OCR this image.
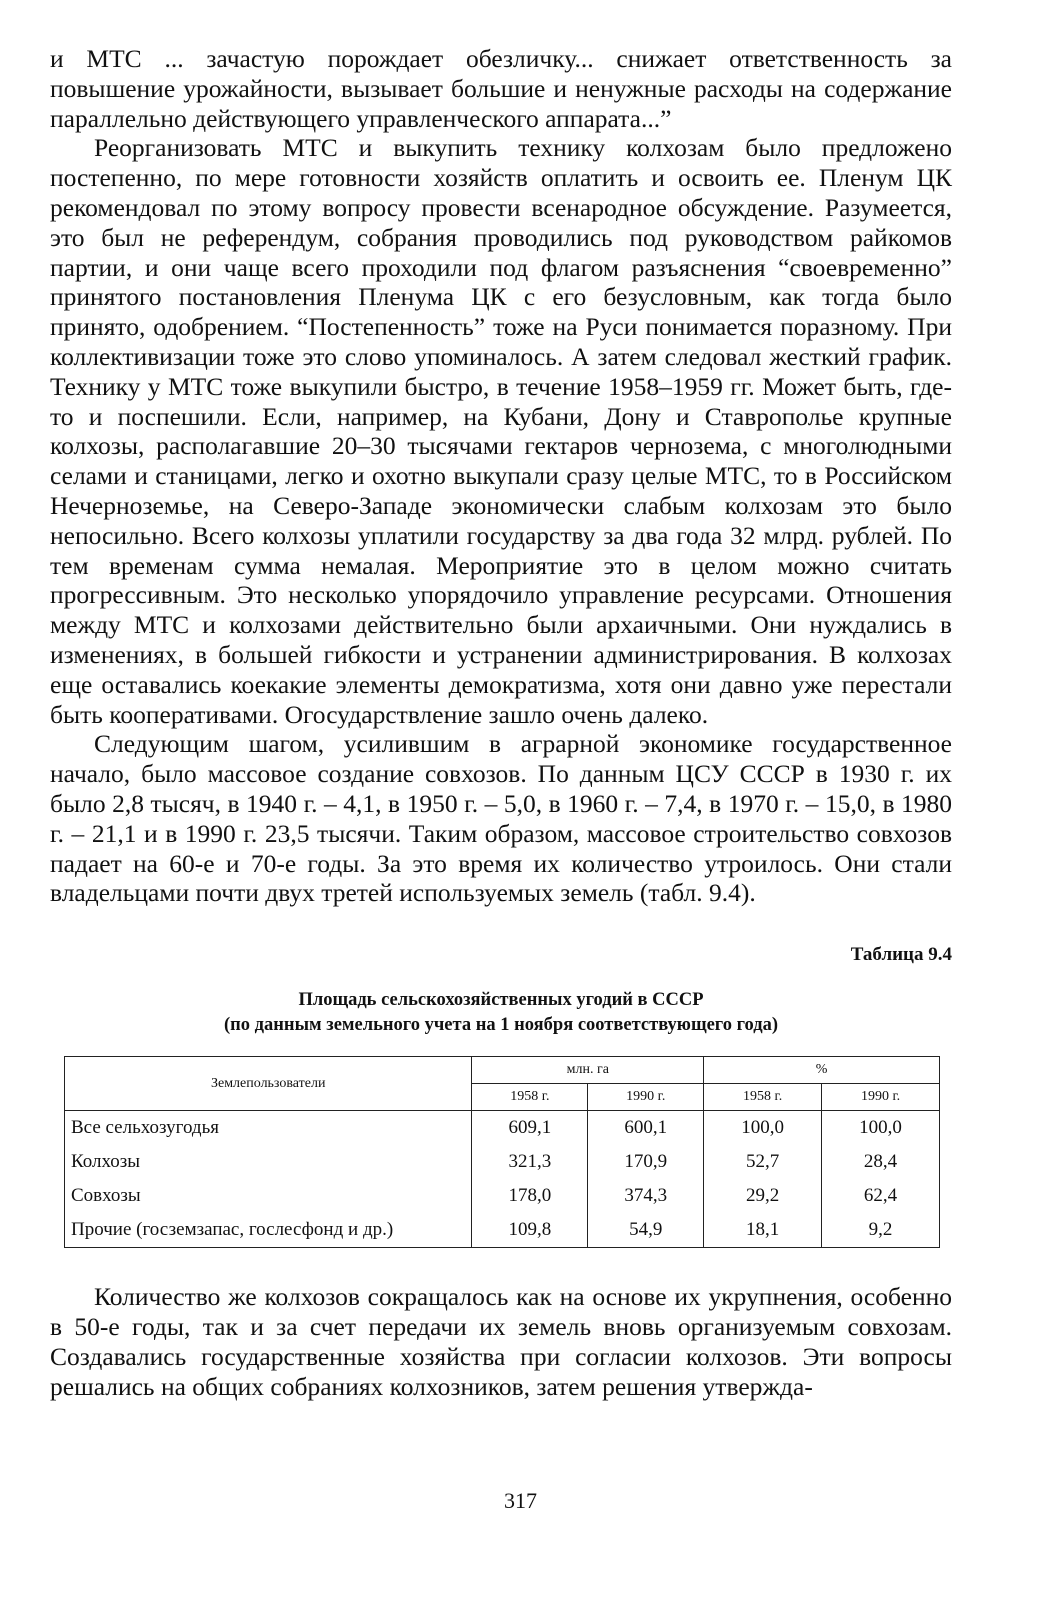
и МТС ... зачастую порождает обезличку... снижает ответственность за повышение урожайности, вызывает большие и ненужные расходы на содержание параллельно действующего управленческого аппарата...”

Реорганизовать МТС и выкупить технику колхозам было предложено постепенно, по мере готовности хозяйств оплатить и освоить ее. Пленум ЦК рекомендовал по этому вопросу провести всенародное обсуждение. Разумеется, это был не референдум, собрания проводились под руководством райкомов партии, и они чаще всего проходили под флагом разъяснения “своевременно” принятого постановления Пленума ЦК с его безусловным, как тогда было принято, одобрением. “Постепенность” тоже на Руси понимается поразному. При коллективизации тоже это слово упоминалось. А затем следовал жесткий график. Технику у МТС тоже выкупили быстро, в течение 1958–1959 гг. Может быть, где-то и поспешили. Если, например, на Кубани, Дону и Ставрополье крупные колхозы, располагавшие 20–30 тысячами гектаров чернозема, с многолюдными селами и станицами, легко и охотно выкупали сразу целые МТС, то в Российском Нечерноземье, на Северо-Западе экономически слабым колхозам это было непосильно. Всего колхозы уплатили государству за два года 32 млрд. рублей. По тем временам сумма немалая. Мероприятие это в целом можно считать прогрессивным. Это несколько упорядочило управление ресурсами. Отношения между МТС и колхозами действительно были архаичными. Они нуждались в изменениях, в большей гибкости и устранении администрирования. В колхозах еще оставались коекакие элементы демократизма, хотя они давно уже перестали быть кооперативами. Огосударствление зашло очень далеко.

Следующим шагом, усилившим в аграрной экономике государственное начало, было массовое создание совхозов. По данным ЦСУ СССР в 1930 г. их было 2,8 тысяч, в 1940 г. – 4,1, в 1950 г. – 5,0, в 1960 г. – 7,4, в 1970 г. – 15,0, в 1980 г. – 21,1 и в 1990 г. 23,5 тысячи. Таким образом, массовое строительство совхозов падает на 60-е и 70-е годы. За это время их количество утроилось. Они стали владельцами почти двух третей используемых земель (табл. 9.4).

Таблица 9.4
Площадь сельскохозяйственных угодий в СССР
(по данным земельного учета на 1 ноября соответствующего года)
Землепользователи	млн. га		%	
	1958 г.	1990 г.	1958 г.	1990 г.
Все сельхозугодья	609,1	600,1	100,0	100,0
Колхозы	321,3	170,9	52,7	28,4
Совхозы	178,0	374,3	29,2	62,4
Прочие (госземзапас, гослесфонд и др.)	109,8	54,9	18,1	9,2

Количество же колхозов сокращалось как на основе их укрупнения, особенно в 50-е годы, так и за счет передачи их земель вновь организуемым совхозам. Создавались государственные хозяйства при согласии колхозов. Эти вопросы решались на общих собраниях колхозников, затем решения утвержда-

317
